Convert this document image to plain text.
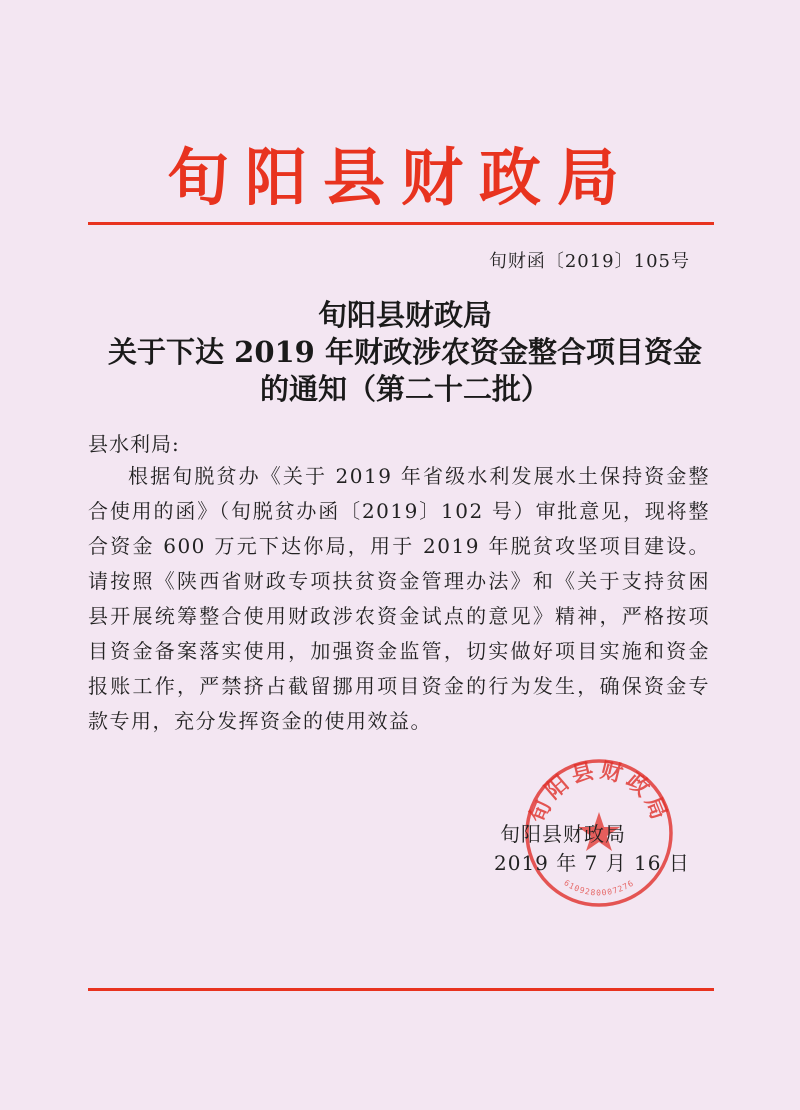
旬阳县财政局
旬财函〔2019〕105号
旬阳县财政局
关于下达 2019 年财政涉农资金整合项目资金
的通知（第二十二批）
县水利局:
根据旬脱贫办《关于 2019 年省级水利发展水土保持资金整合使用的函》（旬脱贫办函〔2019〕102 号）审批意见，现将整合资金 600 万元下达你局，用于 2019 年脱贫攻坚项目建设。请按照《陕西省财政专项扶贫资金管理办法》和《关于支持贫困县开展统筹整合使用财政涉农资金试点的意见》精神，严格按项目资金备案落实使用，加强资金监管，切实做好项目实施和资金报账工作，严禁挤占截留挪用项目资金的行为发生，确保资金专款专用，充分发挥资金的使用效益。
旬阳县财政局
6109280007276
旬阳县财政局
2019 年 7 月 16 日
